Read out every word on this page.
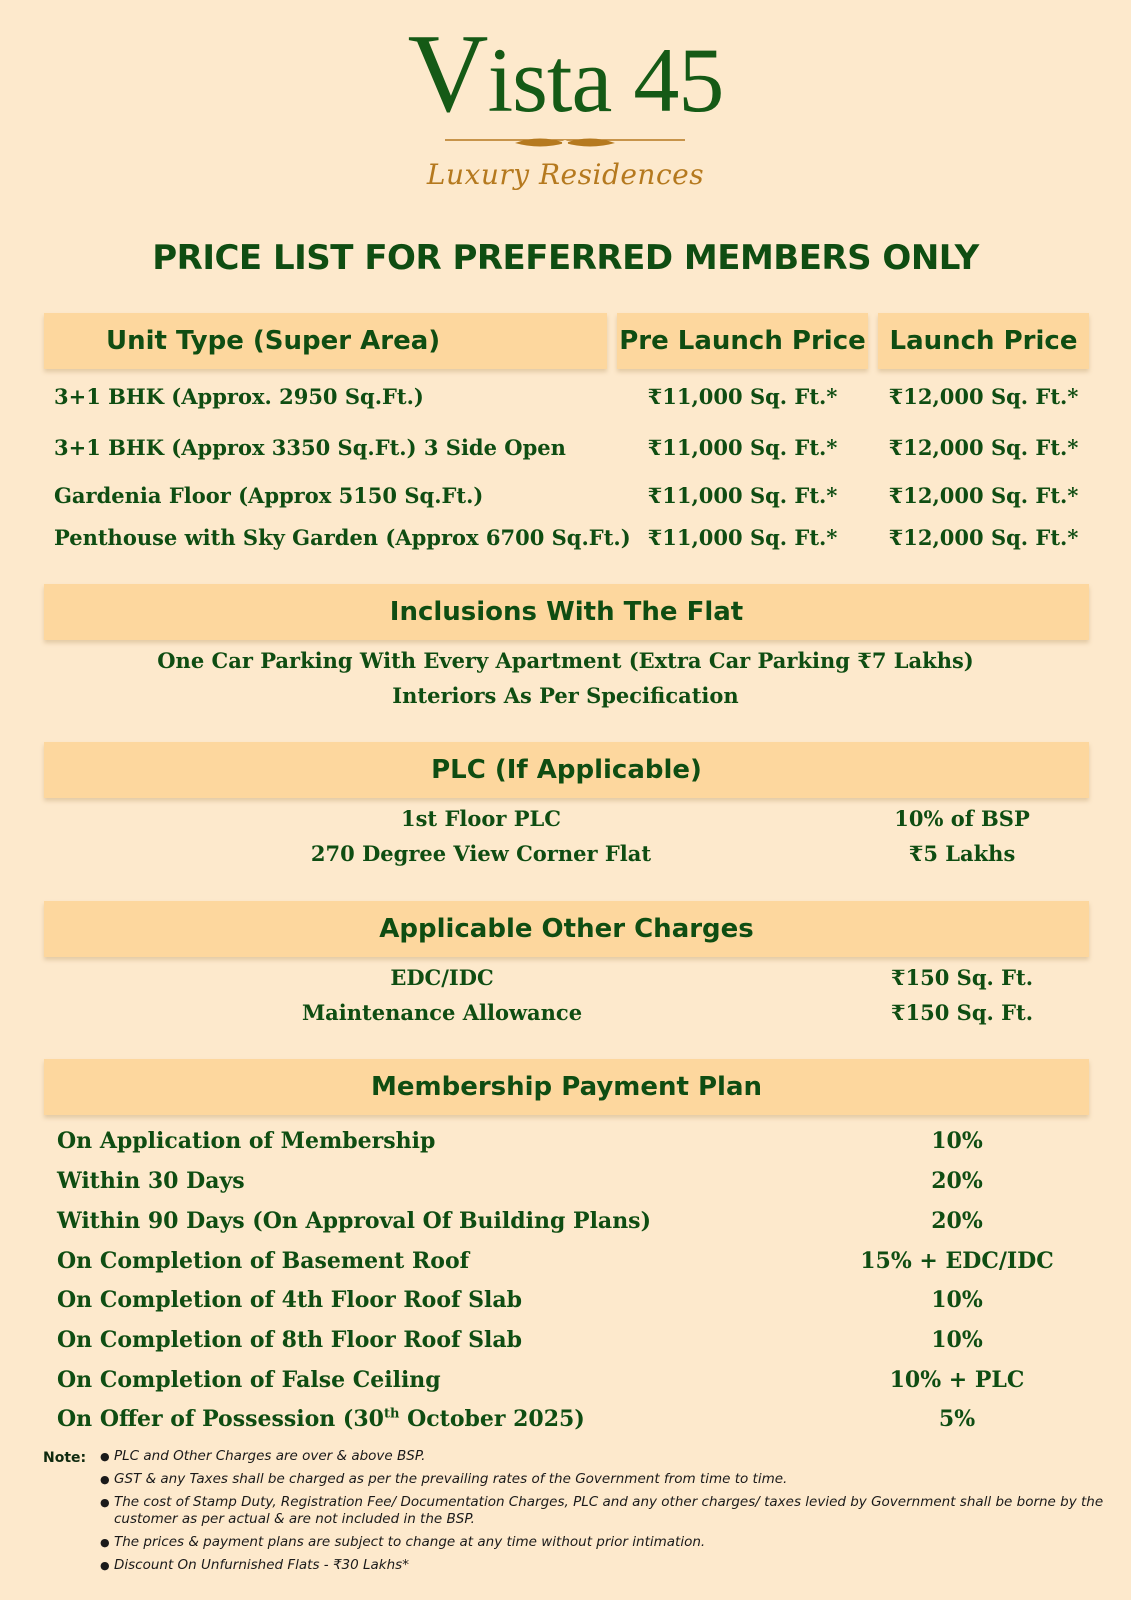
Vista 45
Luxury Residences
PRICE LIST FOR PREFERRED MEMBERS ONLY
Unit Type (Super Area)	Pre Launch Price Launch Price
3+1 BHK (Approx. 2950 Sq.Ft.)	₹11,000 Sq. Ft.*	₹12,000 Sq. Ft.*
3+1 BHK (Approx 3350 Sq.Ft.) 3 Side Open	₹11,000 Sq. Ft.*	₹12,000 Sq. Ft.*
Gardenia Floor (Approx 5150 Sq.Ft.)	₹11,000 Sq. Ft.*	₹12,000 Sq. Ft.*
Penthouse with Sky Garden (Approx 6700 Sq.Ft.) ₹11,000 Sq. Ft.*	₹12,000 Sq. Ft.*
Inclusions With The Flat
One Car Parking With Every Apartment (Extra Car Parking ₹7 Lakhs)
Interiors As Per Specification
PLC (If Applicable)
1st Floor PLC	10% of BSP
270 Degree View Corner Flat	₹5 Lakhs
Applicable Other Charges
EDC/IDC	₹150 Sq. Ft.
Maintenance Allowance	₹150 Sq. Ft.
Membership Payment Plan
On Application of Membership	10%
Within 30 Days	20%
Within 90 Days (On Approval Of Building Plans)	20%
On Completion of Basement Roof	15% + EDC/IDC
On Completion of 4th Floor Roof Slab	10%
On Completion of 8th Floor Roof Slab	10%
On Completion of False Ceiling	10% + PLC
On Offer of Possession (30th October 2025)	5%
Note:
●	PLC and Other Charges are over & above BSP.
● GST & any Taxes shall be charged as per the prevailing rates of the Government from time to time.
● The cost of Stamp Duty, Registration Fee/ Documentation Charges, PLC and any other charges/ taxes levied by Government shall be borne by the customer as per actual & are not included in the BSP.
● The prices & payment plans are subject to change at any time without prior intimation.
● Discount On Unfurnished Flats - ₹30 Lakhs*
